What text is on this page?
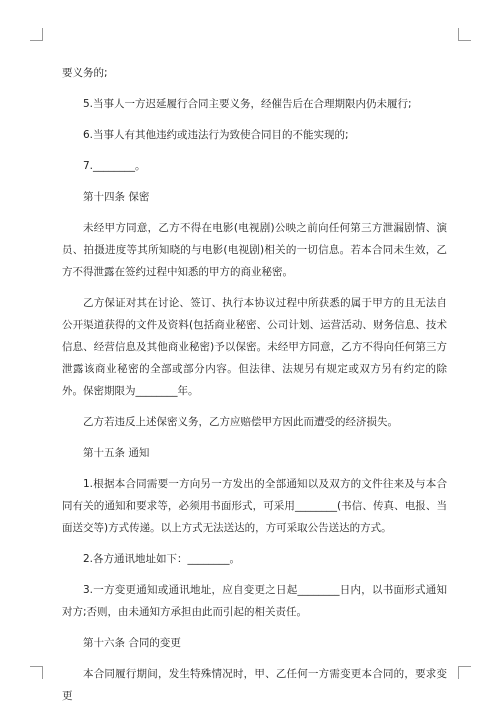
要义务的;

5.当事人一方迟延履行合同主要义务，经催告后在合理期限内仍未履行;

6.当事人有其他违约或违法行为致使合同目的不能实现的;

7.________。

第十四条 保密

未经甲方同意，乙方不得在电影(电视剧)公映之前向任何第三方泄漏剧情、演员、拍摄进度等其所知晓的与电影(电视剧)相关的一切信息。若本合同未生效，乙方不得泄露在签约过程中知悉的甲方的商业秘密。

乙方保证对其在讨论、签订、执行本协议过程中所获悉的属于甲方的且无法自公开渠道获得的文件及资料(包括商业秘密、公司计划、运营活动、财务信息、技术信息、经营信息及其他商业秘密)予以保密。未经甲方同意，乙方不得向任何第三方泄露该商业秘密的全部或部分内容。但法律、法规另有规定或双方另有约定的除外。保密期限为________年。

乙方若违反上述保密义务，乙方应赔偿甲方因此而遭受的经济损失。

第十五条 通知

1.根据本合同需要一方向另一方发出的全部通知以及双方的文件往来及与本合同有关的通知和要求等，必须用书面形式，可采用________(书信、传真、电报、当面送交等)方式传递。以上方式无法送达的，方可采取公告送达的方式。

2.各方通讯地址如下：________。

3.一方变更通知或通讯地址，应自变更之日起________日内，以书面形式通知对方;否则，由未通知方承担由此而引起的相关责任。

第十六条 合同的变更

本合同履行期间，发生特殊情况时，甲、乙任何一方需变更本合同的，要求变更
